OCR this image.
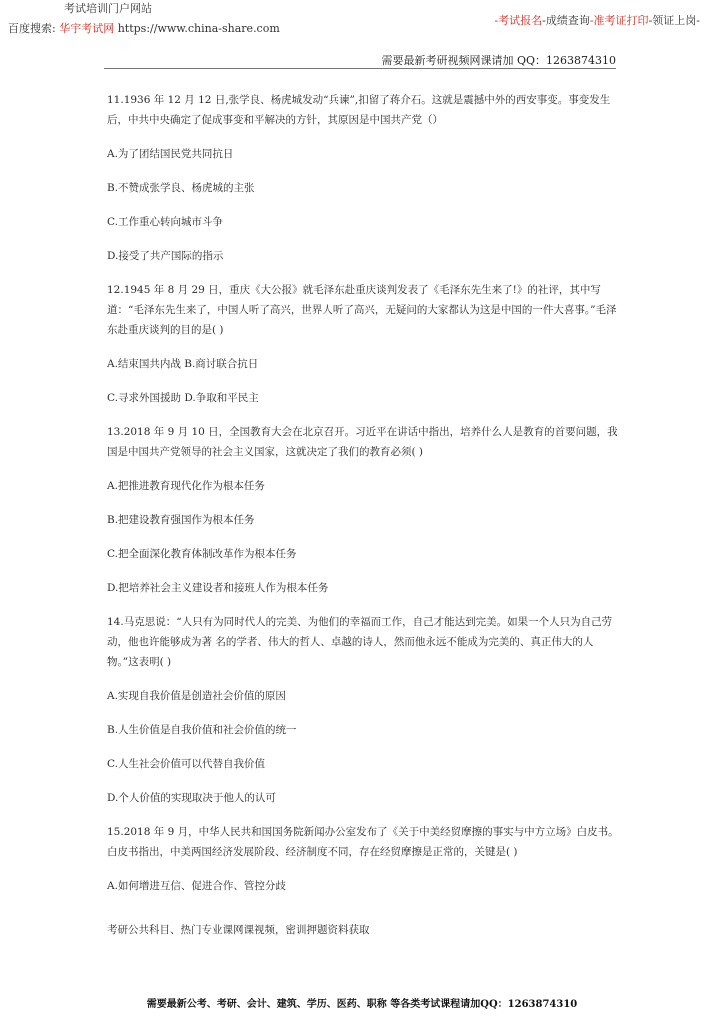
考试培训门户网站
百度搜索: 华宇考试网 https://www.china-share.com
-考试报名-成绩查询-准考证打印-领证上岗-
需要最新考研视频网课请加 QQ：1263874310

11.1936 年 12 月 12 日,张学良、杨虎城发动“兵谏”,扣留了蒋介石。这就是震撼中外的西安事变。事变发生后，中共中央确定了促成事变和平解决的方针，其原因是中国共产党（）

A.为了团结国民党共同抗日

B.不赞成张学良、杨虎城的主张

C.工作重心转向城市斗争

D.接受了共产国际的指示

12.1945 年 8 月 29 日，重庆《大公报》就毛泽东赴重庆谈判发表了《毛泽东先生来了!》的社评，其中写道：“毛泽东先生来了，中国人听了高兴，世界人听了高兴，无疑问的大家都认为这是中国的一件大喜事。”毛泽东赴重庆谈判的目的是( )

A.结束国共内战 B.商讨联合抗日

C.寻求外国援助 D.争取和平民主

13.2018 年 9 月 10 日，全国教育大会在北京召开。习近平在讲话中指出，培养什么人是教育的首要问题，我国是中国共产党领导的社会主义国家，这就决定了我们的教育必须( )

A.把推进教育现代化作为根本任务

B.把建设教育强国作为根本任务

C.把全面深化教育体制改革作为根本任务

D.把培养社会主义建设者和接班人作为根本任务

14.马克思说：“人只有为同时代人的完美、为他们的幸福而工作，自己才能达到完美。如果一个人只为自己劳动，他也许能够成为著 名的学者、伟大的哲人、卓越的诗人，然而他永远不能成为完美的、真正伟大的人物。”这表明( )

A.实现自我价值是创造社会价值的原因

B.人生价值是自我价值和社会价值的统一

C.人生社会价值可以代替自我价值

D.个人价值的实现取决于他人的认可

15.2018 年 9 月，中华人民共和国国务院新闻办公室发布了《关于中美经贸摩擦的事实与中方立场》白皮书。白皮书指出，中美两国经济发展阶段、经济制度不同，存在经贸摩擦是正常的，关键是( )

A.如何增进互信、促进合作、管控分歧

考研公共科目、热门专业课网课视频，密训押题资料获取

需要最新公考、考研、会计、建筑、学历、医药、职称 等各类考试课程请加QQ：1263874310
